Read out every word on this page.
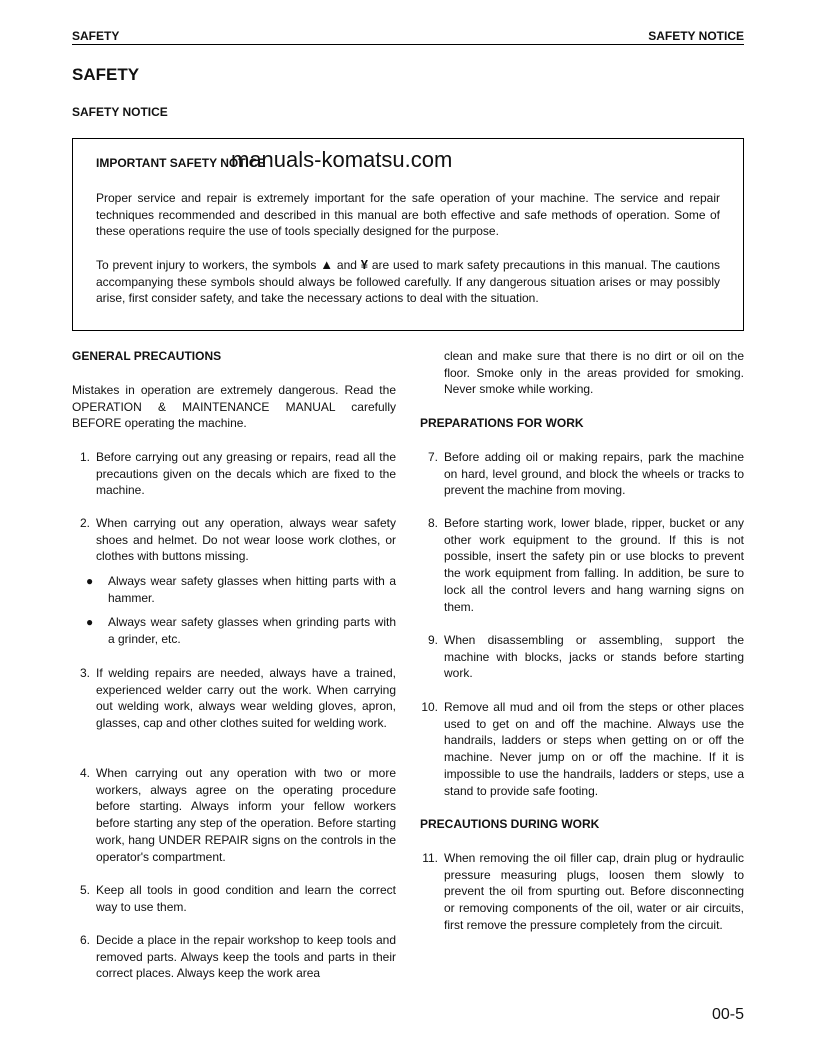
SAFETY	SAFETY NOTICE
SAFETY
SAFETY NOTICE
IMPORTANT SAFETY NOTICE
manuals-komatsu.com

Proper service and repair is extremely important for the safe operation of your machine. The service and repair techniques recommended and described in this manual are both effective and safe methods of operation. Some of these operations require the use of tools specially designed for the purpose.

To prevent injury to workers, the symbols ▲ and ¥ are used to mark safety precautions in this manual. The cautions accompanying these symbols should always be followed carefully. If any dangerous situation arises or may possibly arise, first consider safety, and take the necessary actions to deal with the situation.

GENERAL PRECAUTIONS
Mistakes in operation are extremely dangerous. Read the OPERATION & MAINTENANCE MANUAL carefully BEFORE operating the machine.
1. Before carrying out any greasing or repairs, read all the precautions given on the decals which are fixed to the machine.
2. When carrying out any operation, always wear safety shoes and helmet. Do not wear loose work clothes, or clothes with buttons missing.
● Always wear safety glasses when hitting parts with a hammer.
● Always wear safety glasses when grinding parts with a grinder, etc.
3. If welding repairs are needed, always have a trained, experienced welder carry out the work. When carrying out welding work, always wear welding gloves, apron, glasses, cap and other clothes suited for welding work.
4. When carrying out any operation with two or more workers, always agree on the operating procedure before starting. Always inform your fellow workers before starting any step of the operation. Before starting work, hang UNDER REPAIR signs on the controls in the operator's compartment.
5. Keep all tools in good condition and learn the correct way to use them.
6. Decide a place in the repair workshop to keep tools and removed parts. Always keep the tools and parts in their correct places. Always keep the work area
clean and make sure that there is no dirt or oil on the floor. Smoke only in the areas provided for smoking. Never smoke while working.
PREPARATIONS FOR WORK
7. Before adding oil or making repairs, park the machine on hard, level ground, and block the wheels or tracks to prevent the machine from moving.
8. Before starting work, lower blade, ripper, bucket or any other work equipment to the ground. If this is not possible, insert the safety pin or use blocks to prevent the work equipment from falling. In addition, be sure to lock all the control levers and hang warning signs on them.
9. When disassembling or assembling, support the machine with blocks, jacks or stands before starting work.
10. Remove all mud and oil from the steps or other places used to get on and off the machine. Always use the handrails, ladders or steps when getting on or off the machine. Never jump on or off the machine. If it is impossible to use the handrails, ladders or steps, use a stand to provide safe footing.
PRECAUTIONS DURING WORK
11. When removing the oil filler cap, drain plug or hydraulic pressure measuring plugs, loosen them slowly to prevent the oil from spurting out. Before disconnecting or removing components of the oil, water or air circuits, first remove the pressure completely from the circuit.
00-5
